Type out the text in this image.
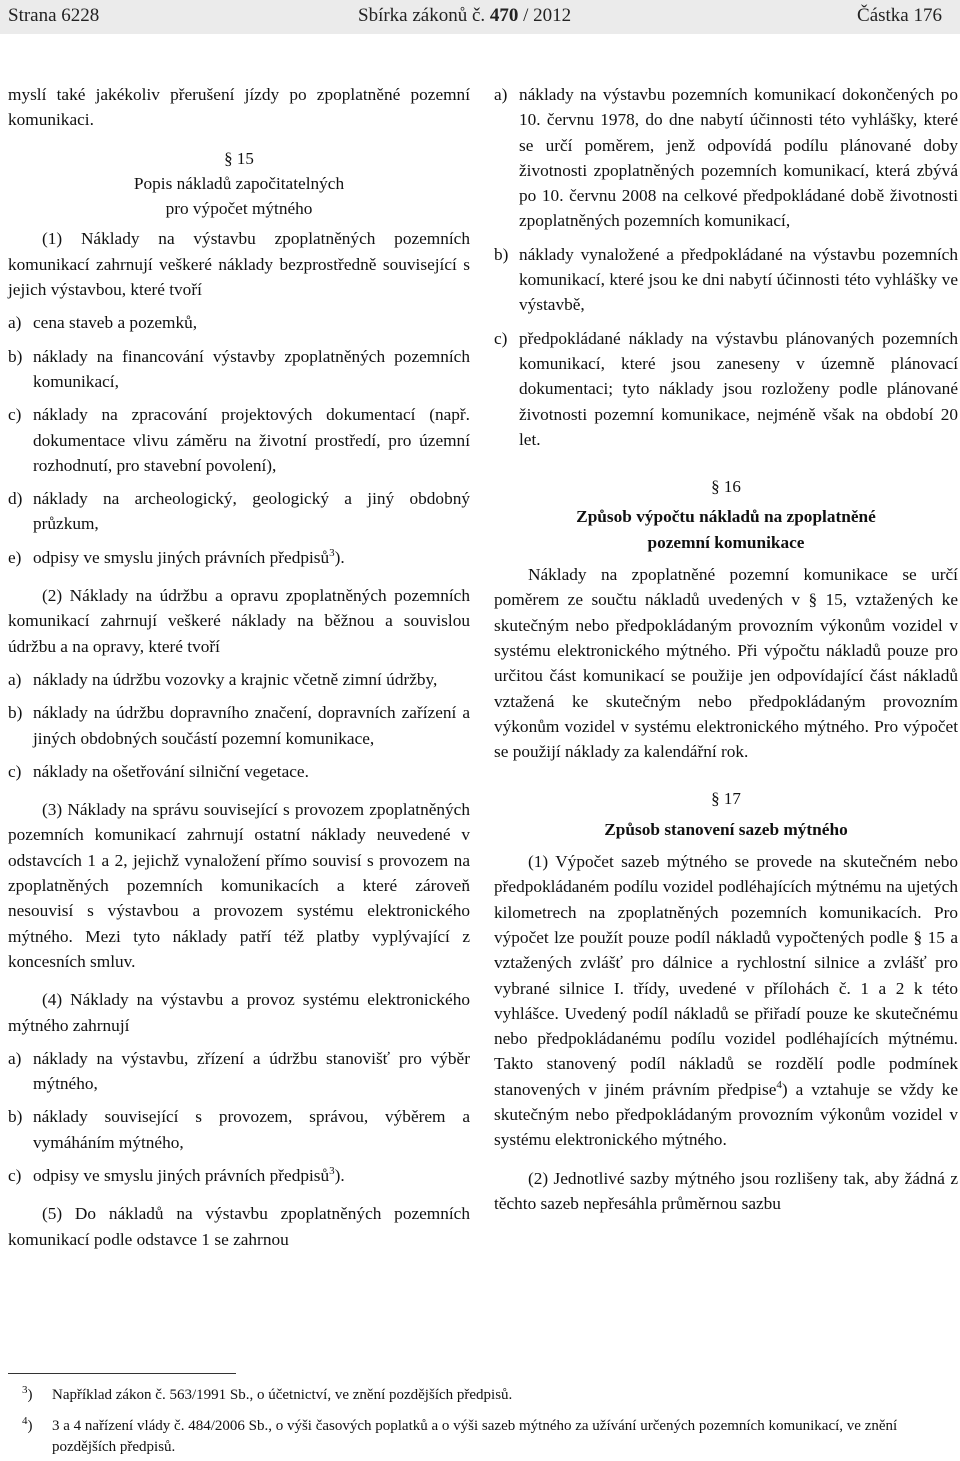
Strana 6228	Sbírka zákonů č. 470 / 2012	Částka 176

myslí také jakékoliv přerušení jízdy po zpoplatněné pozemní komunikaci.

§ 15
Popis nákladů započitatelných
pro výpočet mýtného

(1) Náklady na výstavbu zpoplatněných pozemních komunikací zahrnují veškeré náklady bezprostředně související s jejich výstavbou, které tvoří

a) cena staveb a pozemků,
b) náklady na financování výstavby zpoplatněných pozemních komunikací,
c) náklady na zpracování projektových dokumentací (např. dokumentace vlivu záměru na životní prostředí, pro územní rozhodnutí, pro stavební povolení),
d) náklady na archeologický, geologický a jiný obdobný průzkum,
e) odpisy ve smyslu jiných právních předpisů$^3$).

(2) Náklady na údržbu a opravu zpoplatněných pozemních komunikací zahrnují veškeré náklady na běžnou a souvislou údržbu a na opravy, které tvoří

a) náklady na údržbu vozovky a krajnic včetně zimní údržby,
b) náklady na údržbu dopravního značení, dopravních zařízení a jiných obdobných součástí pozemní komunikace,
c) náklady na ošetřování silniční vegetace.

(3) Náklady na správu související s provozem zpoplatněných pozemních komunikací zahrnují ostatní náklady neuvedené v odstavcích 1 a 2, jejichž vynaložení přímo souvisí s provozem na zpoplatněných pozemních komunikacích a které zároveň nesouvisí s výstavbou a provozem systému elektronického mýtného. Mezi tyto náklady patří též platby vyplývající z koncesních smluv.

(4) Náklady na výstavbu a provoz systému elektronického mýtného zahrnují

a) náklady na výstavbu, zřízení a údržbu stanovišť pro výběr mýtného,
b) náklady související s provozem, správou, výběrem a vymáháním mýtného,
c) odpisy ve smyslu jiných právních předpisů$^3$).

(5) Do nákladů na výstavbu zpoplatněných pozemních komunikací podle odstavce 1 se zahrnou

a) náklady na výstavbu pozemních komunikací dokončených po 10. červnu 1978, do dne nabytí účinnosti této vyhlášky, které se určí poměrem, jenž odpovídá podílu plánované doby životnosti zpoplatněných pozemních komunikací, která zbývá po 10. červnu 2008 na celkové předpokládané době životnosti zpoplatněných pozemních komunikací,
b) náklady vynaložené a předpokládané na výstavbu pozemních komunikací, které jsou ke dni nabytí účinnosti této vyhlášky ve výstavbě,
c) předpokládané náklady na výstavbu plánovaných pozemních komunikací, které jsou zaneseny v územně plánovací dokumentaci; tyto náklady jsou rozloženy podle plánované životnosti pozemní komunikace, nejméně však na období 20 let.
§ 16
Způsob výpočtu nákladů na zpoplatněné
pozemní komunikace

Náklady na zpoplatněné pozemní komunikace se určí poměrem ze součtu nákladů uvedených v § 15, vztažených ke skutečným nebo předpokládaným provozním výkonům vozidel v systému elektronického mýtného. Při výpočtu nákladů pouze pro určitou část komunikací se použije jen odpovídající část nákladů vztažená ke skutečným nebo předpokládaným provozním výkonům vozidel v systému elektronického mýtného. Pro výpočet se použijí náklady za kalendářní rok.

§ 17
Způsob stanovení sazeb mýtného

(1) Výpočet sazeb mýtného se provede na skutečném nebo předpokládaném podílu vozidel podléhajících mýtnému na ujetých kilometrech na zpoplatněných pozemních komunikacích. Pro výpočet lze použít pouze podíl nákladů vypočtených podle § 15 a vztažených zvlášť pro dálnice a rychlostní silnice a zvlášť pro vybrané silnice I. třídy, uvedené v přílohách č. 1 a 2 k této vyhlášce. Uvedený podíl nákladů se přiřadí pouze ke skutečnému nebo předpokládanému podílu vozidel podléhajících mýtnému. Takto stanovený podíl nákladů se rozdělí podle podmínek stanovených v jiném právním předpise$^4$) a vztahuje se vždy ke skutečným nebo předpokládaným provozním výkonům vozidel v systému elektronického mýtného.

(2) Jednotlivé sazby mýtného jsou rozlišeny tak, aby žádná z těchto sazeb nepřesáhla průměrnou sazbu

$^3$) Například zákon č. 563/1991 Sb., o účetnictví, ve znění pozdějších předpisů.
$^4$) 3 a 4 nařízení vlády č. 484/2006 Sb., o výši časových poplatků a o výši sazeb mýtného za užívání určených pozemních komunikací, ve znění pozdějších předpisů.
